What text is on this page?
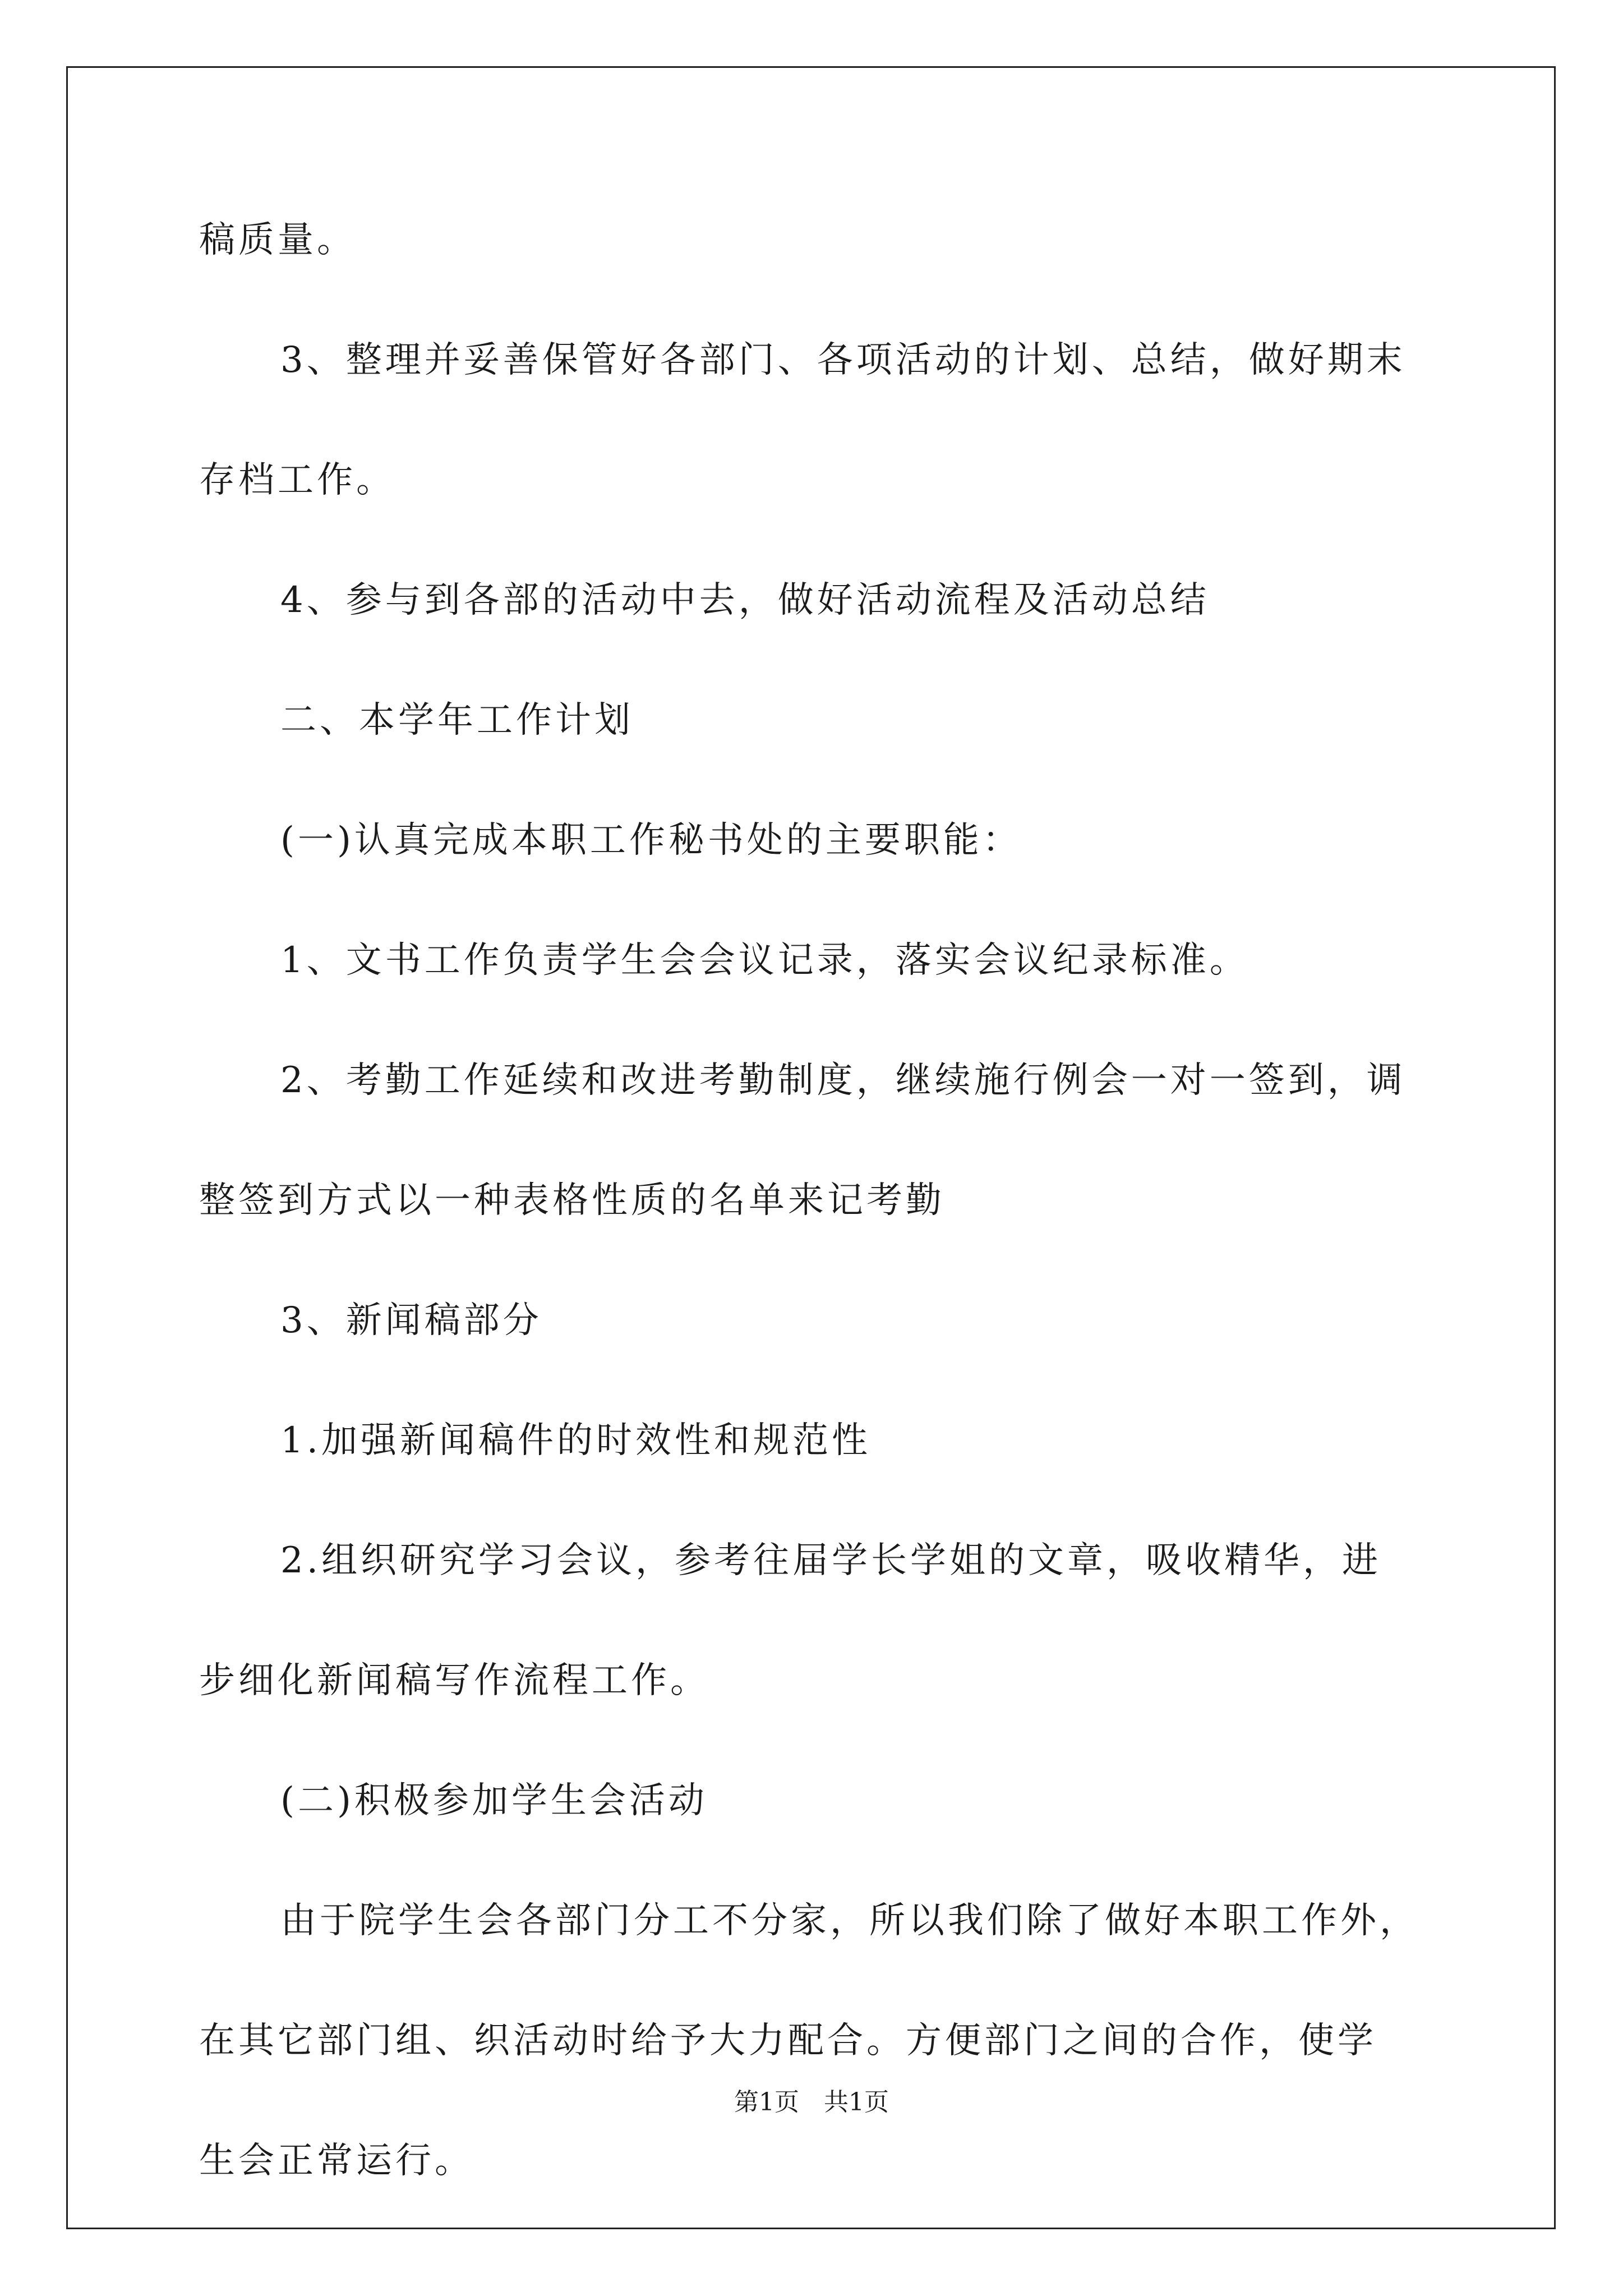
稿质量。
3、整理并妥善保管好各部门、各项活动的计划、总结，做好期末
存档工作。
4、参与到各部的活动中去，做好活动流程及活动总结
二、本学年工作计划
(一)认真完成本职工作秘书处的主要职能：
1、文书工作负责学生会会议记录，落实会议纪录标准。
2、考勤工作延续和改进考勤制度，继续施行例会一对一签到，调
整签到方式以一种表格性质的名单来记考勤
3、新闻稿部分
1.加强新闻稿件的时效性和规范性
2.组织研究学习会议，参考往届学长学姐的文章，吸收精华，进
步细化新闻稿写作流程工作。
(二)积极参加学生会活动
由于院学生会各部门分工不分家，所以我们除了做好本职工作外，
在其它部门组、织活动时给予大力配合。方便部门之间的合作，使学
生会正常运行。
第1页　共1页
